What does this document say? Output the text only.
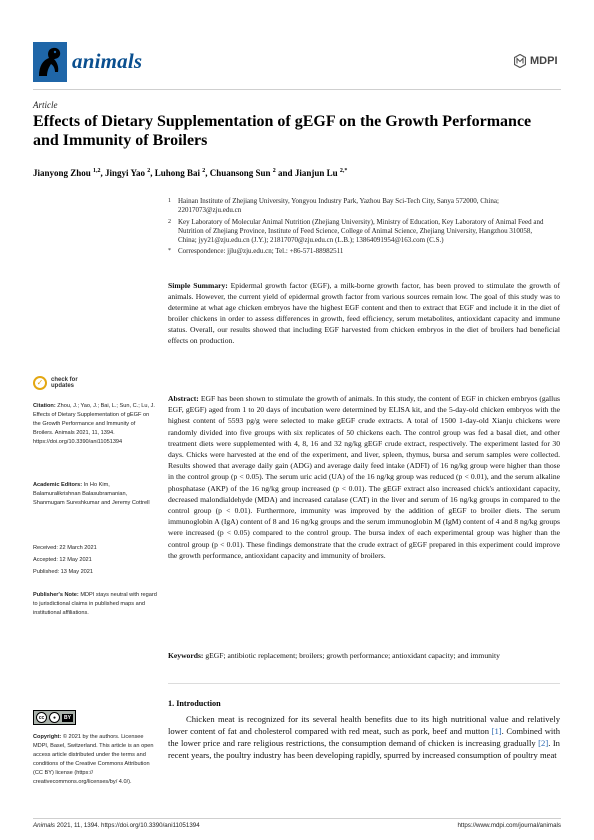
animals	MDPI
Article
Effects of Dietary Supplementation of gEGF on the Growth Performance and Immunity of Broilers
Jianyong Zhou $^{1,2}$, Jingyi Yao $^2$, Luhong Bai $^2$, Chuansong Sun $^2$ and Jianjun Lu $^{2,*}$
1	Hainan Institute of Zhejiang University, Yongyou Industry Park, Yazhou Bay Sci-Tech City, Sanya 572000, China; 22017073@zju.edu.cn
2	Key Laboratory of Molecular Animal Nutrition (Zhejiang University), Ministry of Education, Key Laboratory of Animal Feed and Nutrition of Zhejiang Province, Institute of Feed Science, College of Animal Science, Zhejiang University, Hangzhou 310058, China; jyy21@zju.edu.cn (J.Y.); 21817070@zju.edu.cn (L.B.); 13864091954@163.com (C.S.)
*	Correspondence: jjlu@zju.edu.cn; Tel.: +86-571-88982511
Simple Summary: Epidermal growth factor (EGF), a milk-borne growth factor, has been proved to stimulate the growth of animals. However, the current yield of epidermal growth factor from various sources remain low. The goal of this study was to determine at what age chicken embryos have the highest EGF content and then to extract that EGF and include it in the diet of broiler chickens in order to assess differences in growth, feed efficiency, serum metabolites, antioxidant capacity and immune status. Overall, our results showed that including EGF harvested from chicken embryos in the diet of broilers had beneficial effects on production.
Abstract: EGF has been shown to stimulate the growth of animals. In this study, the content of EGF in chicken embryos (gallus EGF, gEGF) aged from 1 to 20 days of incubation were determined by ELISA kit, and the 5-day-old chicken embryos with the highest content of 5593 pg/g were selected to make gEGF crude extracts. A total of 1500 1-day-old Xianju chickens were randomly divided into five groups with six replicates of 50 chickens each. The control group was fed a basal diet, and other treatment diets were supplemented with 4, 8, 16 and 32 ng/kg gEGF crude extract, respectively. The experiment lasted for 30 days. Chicks were harvested at the end of the experiment, and liver, spleen, thymus, bursa and serum samples were collected. Results showed that average daily gain (ADG) and average daily feed intake (ADFI) of 16 ng/kg group were higher than those in the control group (p < 0.05). The serum uric acid (UA) of the 16 ng/kg group was reduced (p < 0.01), and the serum alkaline phosphatase (AKP) of the 16 ng/kg group increased (p < 0.01). The gEGF extract also increased chick's antioxidant capacity, decreased malondialdehyde (MDA) and increased catalase (CAT) in the liver and serum of 16 ng/kg groups in compared to the control group (p < 0.01). Furthermore, immunity was improved by the addition of gEGF to broiler diets. The serum immunoglobin A (IgA) content of 8 and 16 ng/kg groups and the serum immunoglobin M (IgM) content of 4 and 8 ng/kg groups were increased (p < 0.05) compared to the control group. The bursa index of each experimental group was higher than the control group (p < 0.01). These findings demonstrate that the crude extract of gEGF prepared in this experiment could improve the growth performance, antioxidant capacity and immunity of broilers.
Keywords: gEGF; antibiotic replacement; broilers; growth performance; antioxidant capacity; and immunity
✓	check for updates
Citation: Zhou, J.; Yao, J.; Bai, L.; Sun, C.; Lu, J. Effects of Dietary Supplementation of gEGF on the Growth Performance and Immunity of Broilers. Animals 2021, 11, 1394. https://doi.org/10.3390/ani11051394
Academic Editors: In Ho Kim, Balamuralikrishnan Balasubramanian, Shanmugam Sureshkumar and Jeremy Cottrell
Received: 22 March 2021
Accepted: 12 May 2021
Published: 13 May 2021
Publisher's Note: MDPI stays neutral with regard to jurisdictional claims in published maps and institutional affiliations.
cc	●	BY
Copyright: © 2021 by the authors. Licensee MDPI, Basel, Switzerland. This article is an open access article distributed under the terms and conditions of the Creative Commons Attribution (CC BY) license (https:// creativecommons.org/licenses/by/ 4.0/).
1. Introduction
Chicken meat is recognized for its several health benefits due to its high nutritional value and relatively lower content of fat and cholesterol compared with red meat, such as pork, beef and mutton [1]. Combined with the lower price and rare religious restrictions, the consumption demand of chicken is increasing gradually [2]. In recent years, the poultry industry has been developing rapidly, spurred by increased consumption of poultry meat
Animals 2021, 11, 1394. https://doi.org/10.3390/ani11051394	https://www.mdpi.com/journal/animals
